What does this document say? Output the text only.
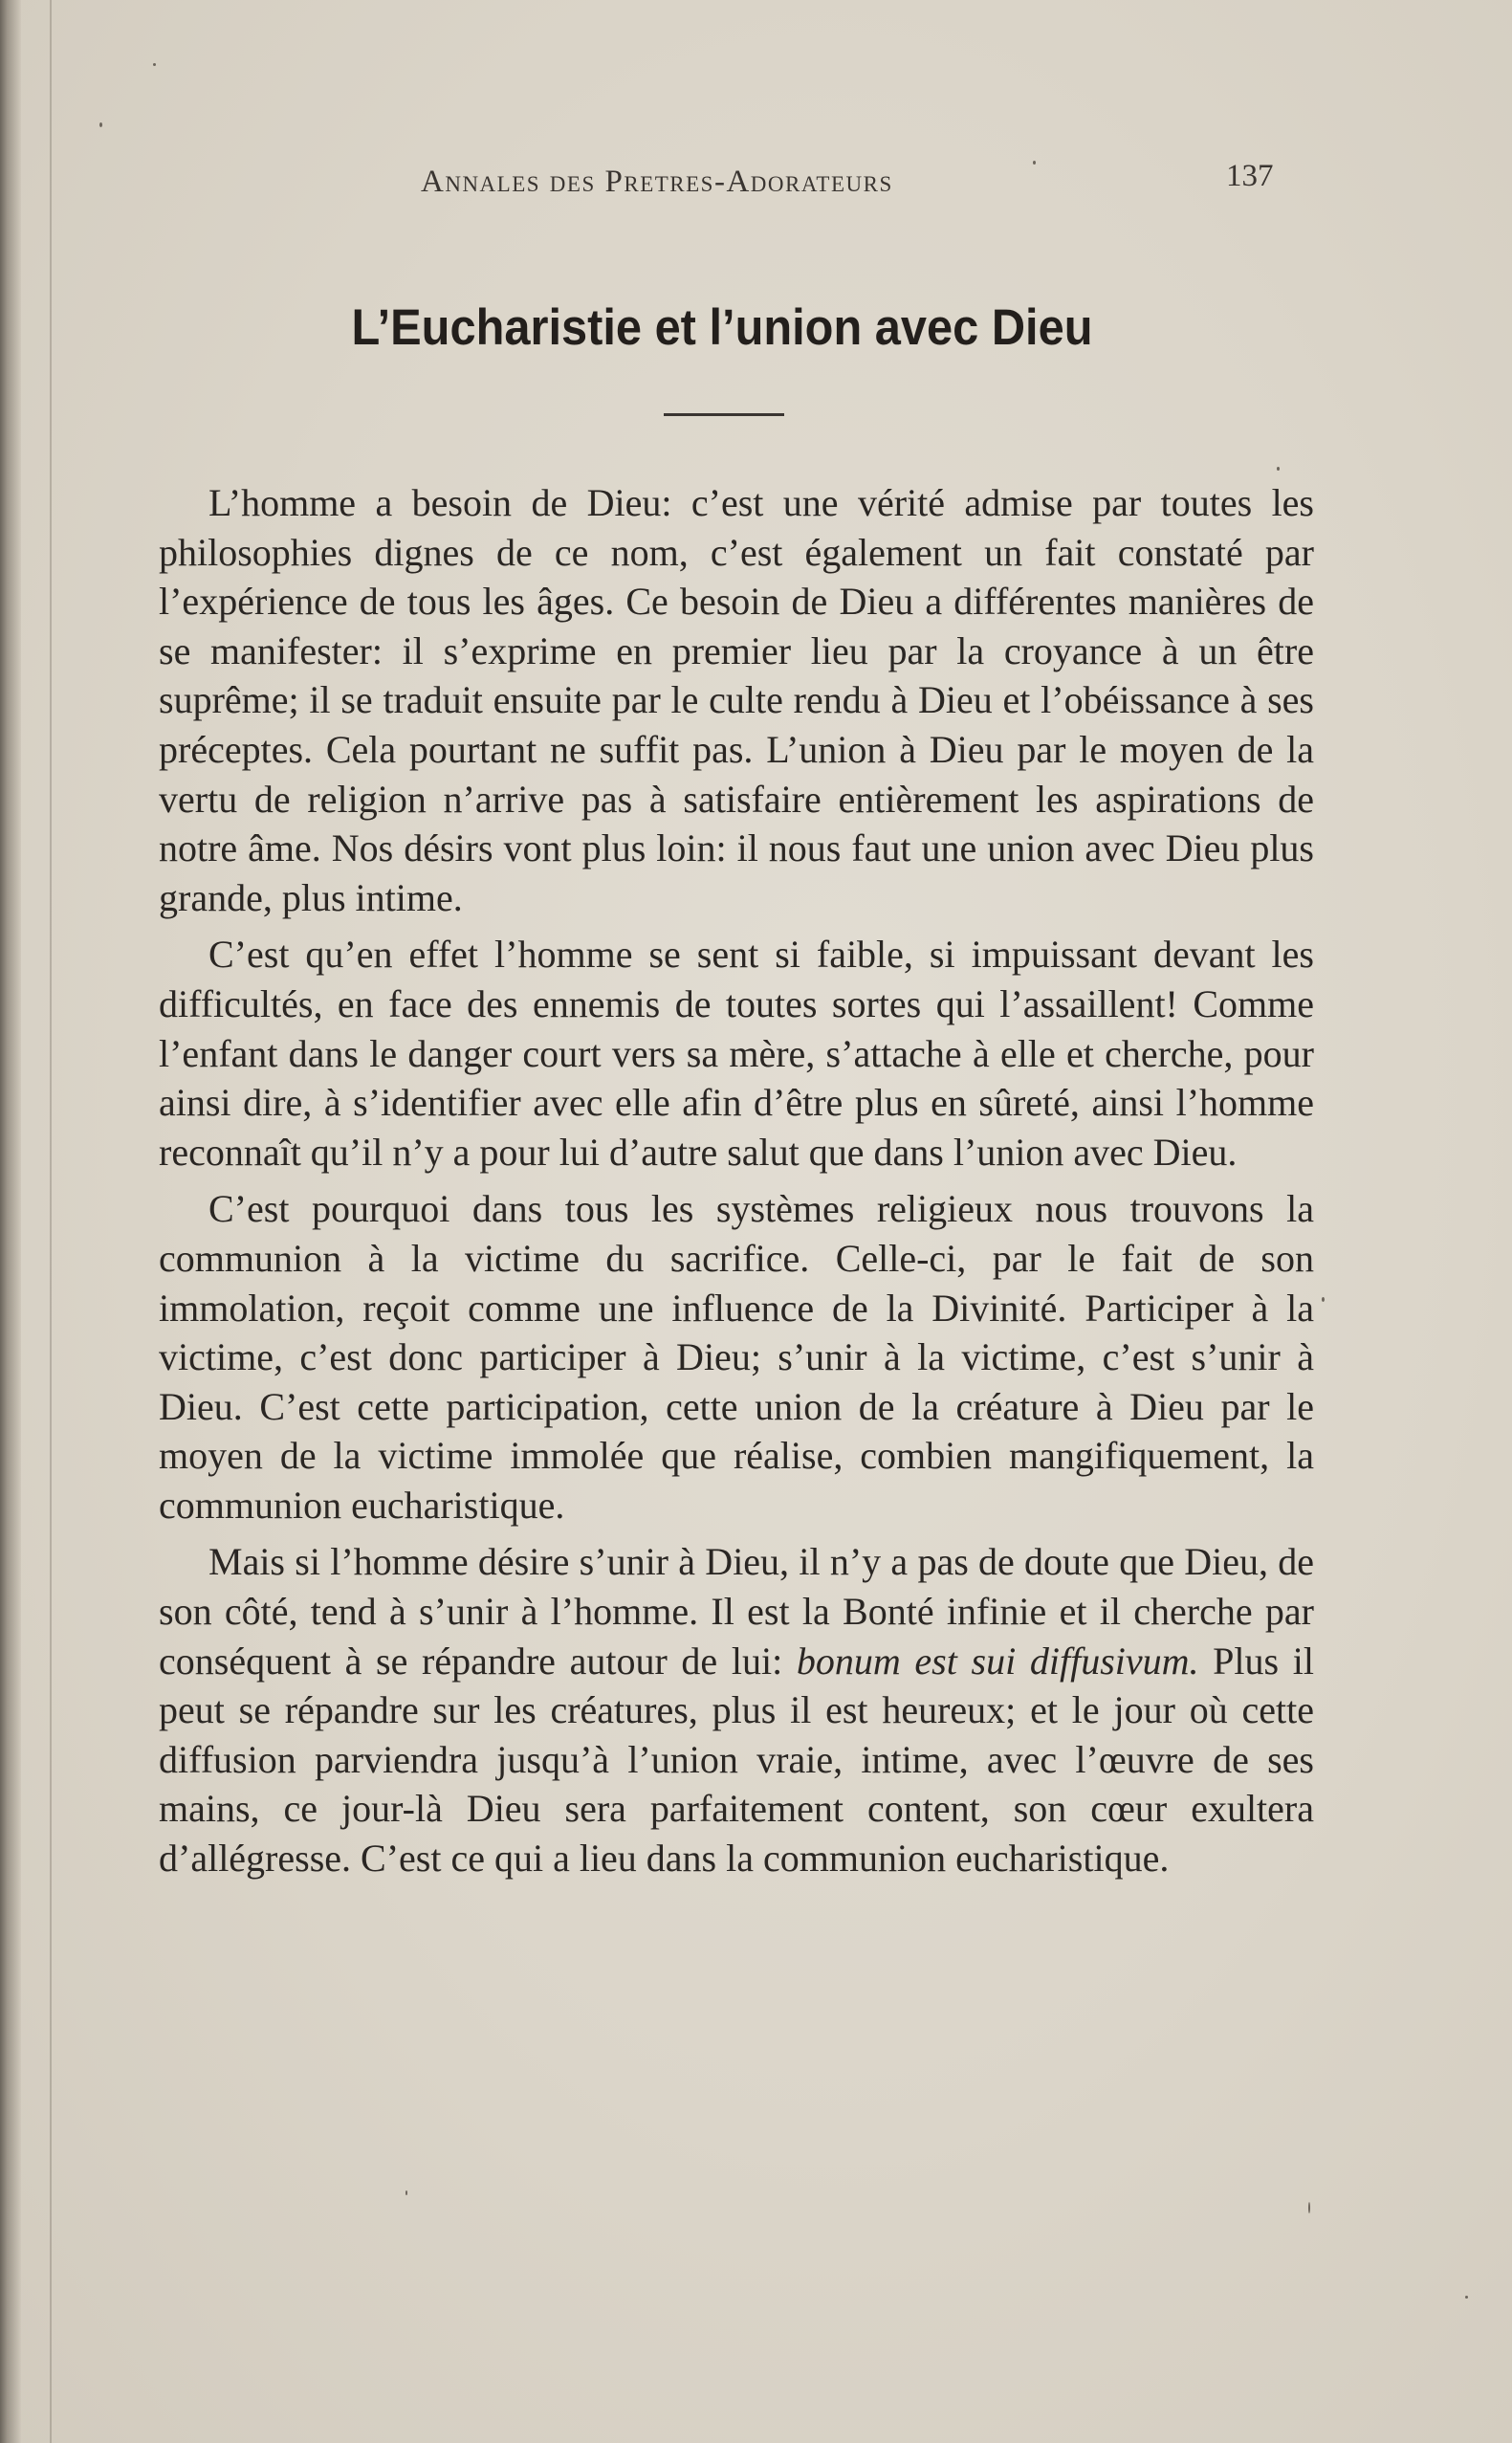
Annales des Pretres-Adorateurs	137
L’Eucharistie et l’union avec Dieu

L’homme a besoin de Dieu: c’est une vérité admise par toutes les philosophies dignes de ce nom, c’est également un fait constaté par l’expérience de tous les âges. Ce besoin de Dieu a différentes manières de se manifester: il s’exprime en premier lieu par la croyance à un être suprême; il se traduit ensuite par le culte rendu à Dieu et l’obéissance à ses préceptes. Cela pourtant ne suffit pas. L’union à Dieu par le moyen de la vertu de religion n’arrive pas à satisfaire entièrement les aspirations de notre âme. Nos désirs vont plus loin: il nous faut une union avec Dieu plus grande, plus intime.

C’est qu’en effet l’homme se sent si faible, si impuissant devant les difficultés, en face des ennemis de toutes sortes qui l’assaillent! Comme l’enfant dans le danger court vers sa mère, s’attache à elle et cherche, pour ainsi dire, à s’identifier avec elle afin d’être plus en sûreté, ainsi l’homme reconnaît qu’il n’y a pour lui d’autre salut que dans l’union avec Dieu.

C’est pourquoi dans tous les systèmes religieux nous trouvons la communion à la victime du sacrifice. Celle-ci, par le fait de son immolation, reçoit comme une influence de la Divinité. Participer à la victime, c’est donc participer à Dieu; s’unir à la victime, c’est s’unir à Dieu. C’est cette participation, cette union de la créature à Dieu par le moyen de la victime immolée que réalise, combien mangifiquement, la communion eucharistique.

Mais si l’homme désire s’unir à Dieu, il n’y a pas de doute que Dieu, de son côté, tend à s’unir à l’homme. Il est la Bonté infinie et il cherche par conséquent à se répandre autour de lui: bonum est sui diffusivum. Plus il peut se répandre sur les créatures, plus il est heureux; et le jour où cette diffusion parviendra jusqu’à l’union vraie, intime, avec l’œuvre de ses mains, ce jour-là Dieu sera parfaitement content, son cœur exultera d’allégresse. C’est ce qui a lieu dans la communion eucharistique.
